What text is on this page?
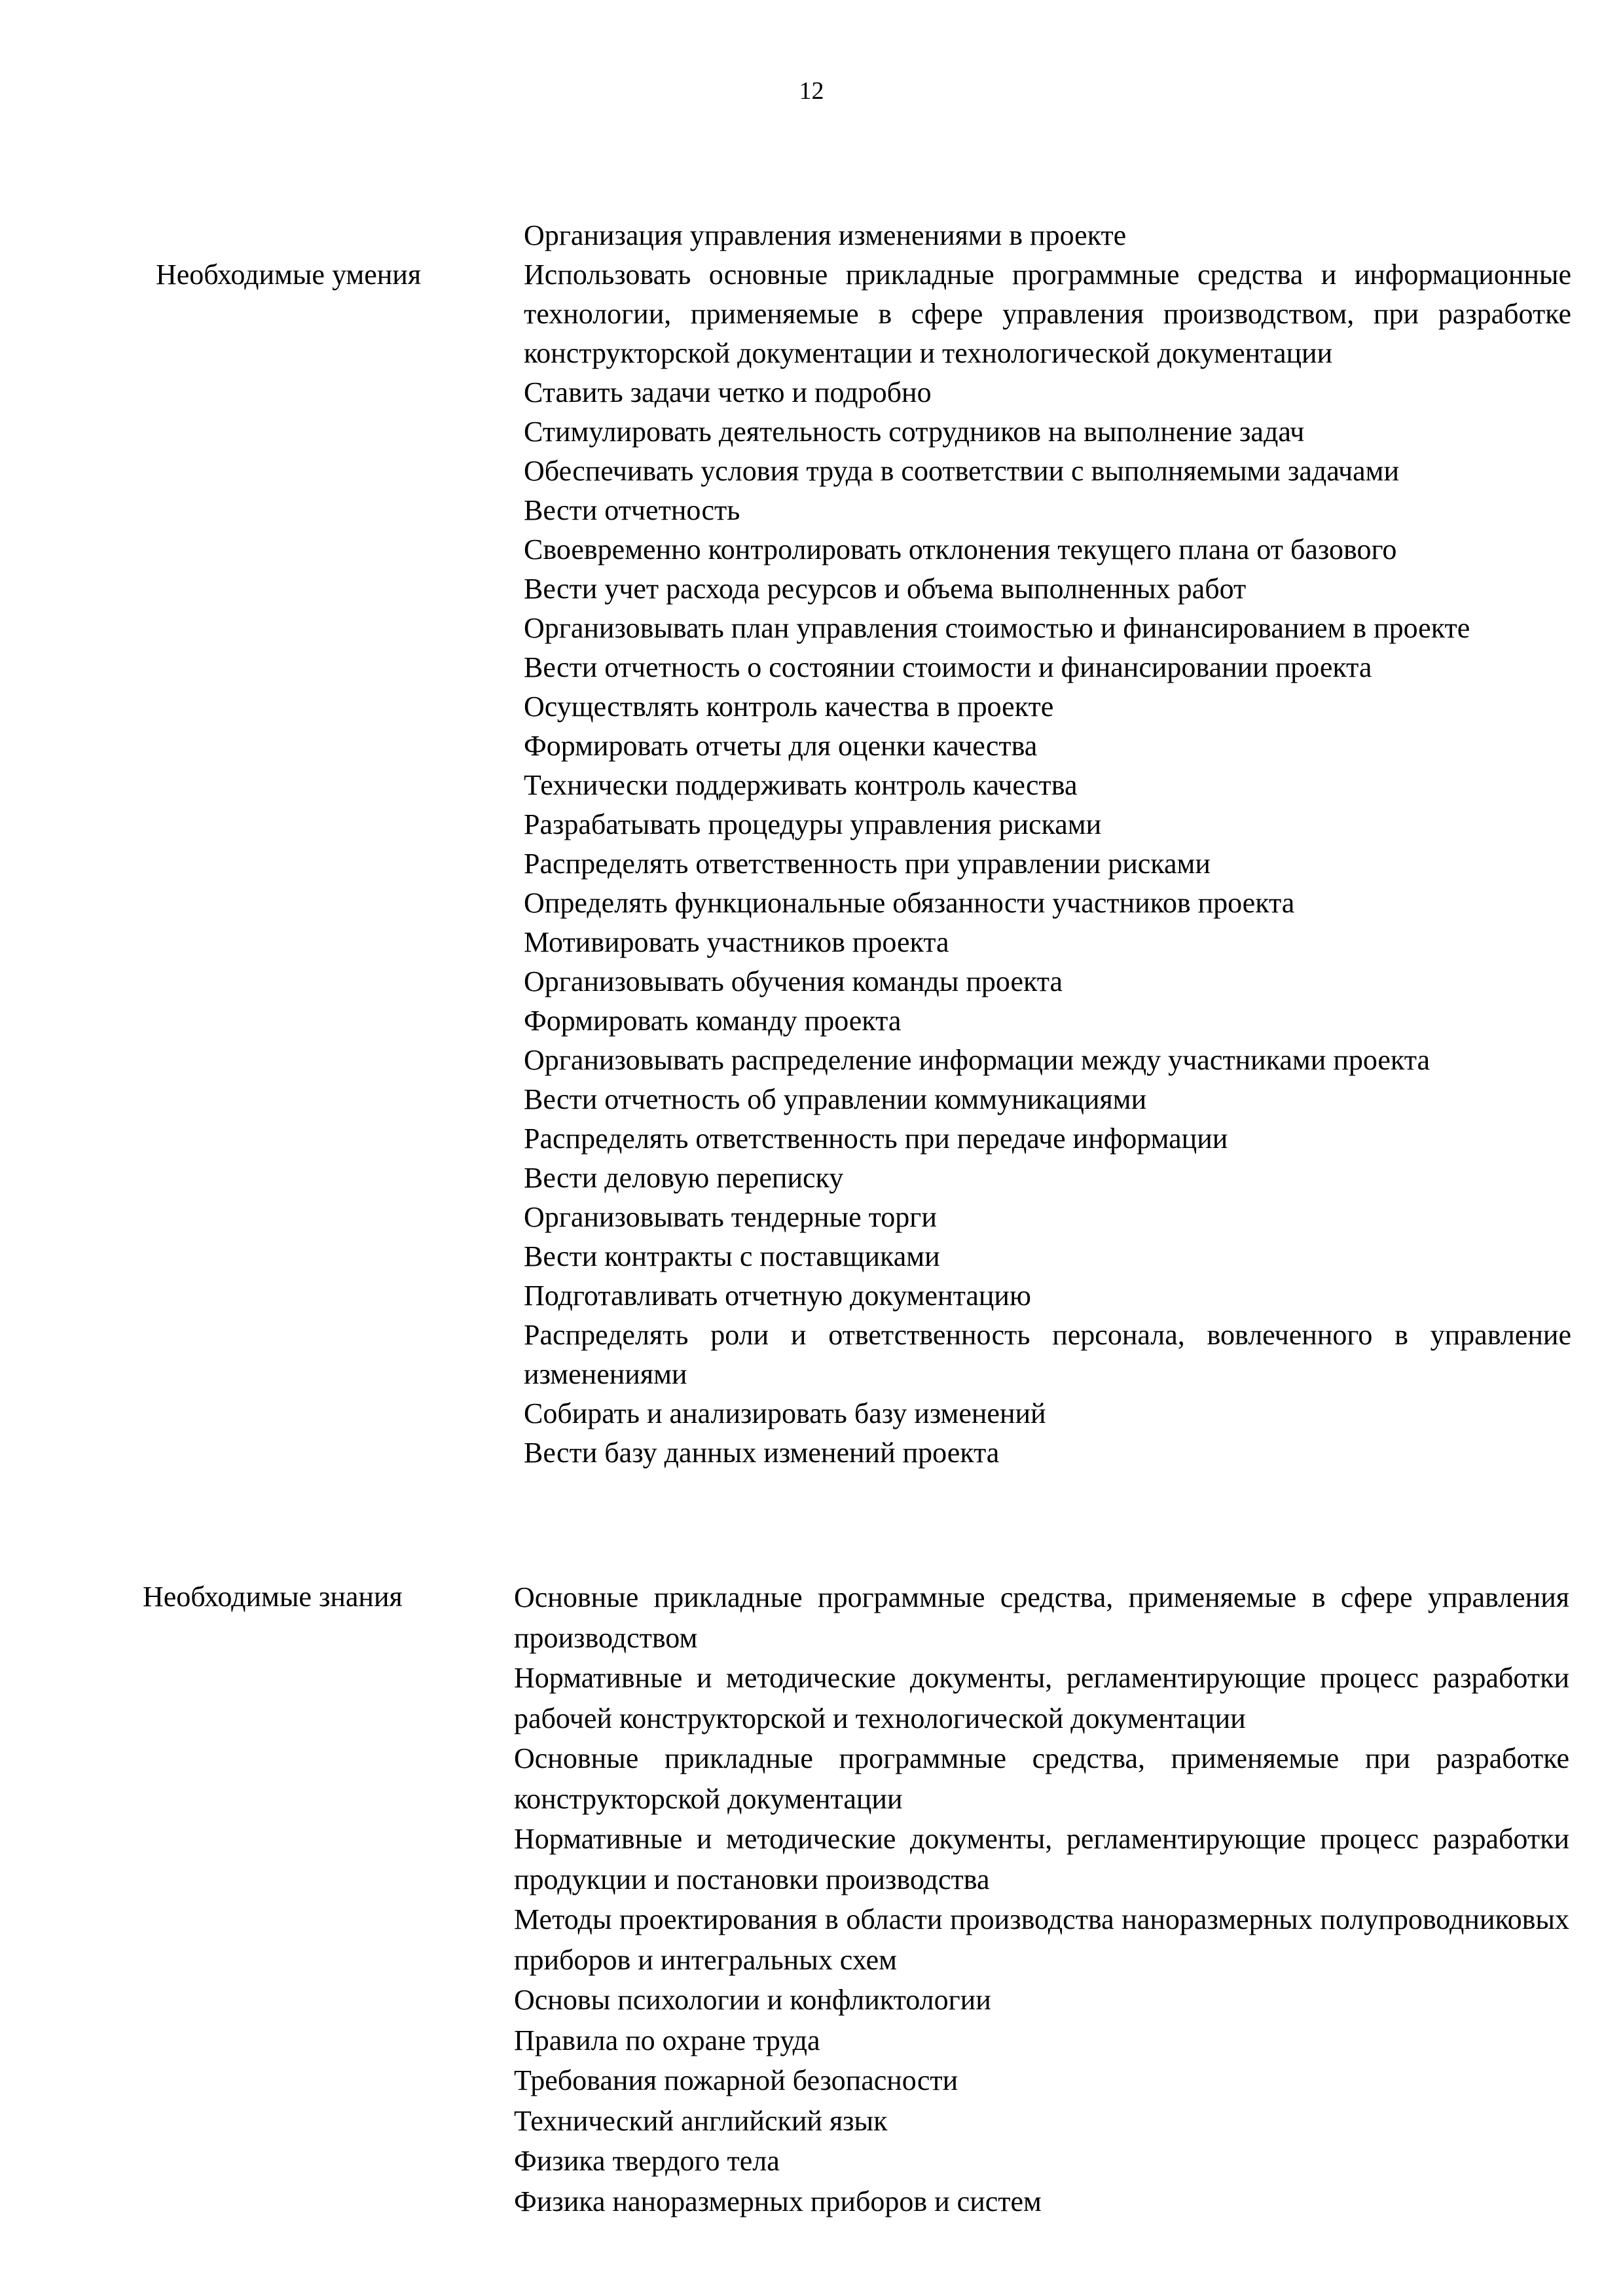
12
Организация управления изменениями в проекте
Необходимые умения	Использовать основные прикладные программные средства и информационные технологии, применяемые в сфере управления производством, при разработке конструкторской документации и технологической документации
Ставить задачи четко и подробно
Стимулировать деятельность сотрудников на выполнение задач
Обеспечивать условия труда в соответствии с выполняемыми задачами
Вести отчетность
Своевременно контролировать отклонения текущего плана от базового
Вести учет расхода ресурсов и объема выполненных работ
Организовывать план управления стоимостью и финансированием в проекте
Вести отчетность о состоянии стоимости и финансировании проекта
Осуществлять контроль качества в проекте
Формировать отчеты для оценки качества
Технически поддерживать контроль качества
Разрабатывать процедуры управления рисками
Распределять ответственность при управлении рисками
Определять функциональные обязанности участников проекта
Мотивировать участников проекта
Организовывать обучения команды проекта
Формировать команду проекта
Организовывать распределение информации между участниками проекта
Вести отчетность об управлении коммуникациями
Распределять ответственность при передаче информации
Вести деловую переписку
Организовывать тендерные торги
Вести контракты с поставщиками
Подготавливать отчетную документацию
Распределять роли и ответственность персонала, вовлеченного в управление изменениями
Собирать и анализировать базу изменений
Вести базу данных изменений проекта
Необходимые знания	Основные прикладные программные средства, применяемые в сфере управления производством
Нормативные и методические документы, регламентирующие процесс разработки рабочей конструкторской и технологической документации
Основные прикладные программные средства, применяемые при разработке конструкторской документации
Нормативные и методические документы, регламентирующие процесс разработки продукции и постановки производства
Методы проектирования в области производства наноразмерных полупроводниковых приборов и интегральных схем
Основы психологии и конфликтологии
Правила по охране труда
Требования пожарной безопасности
Технический английский язык
Физика твердого тела
Физика наноразмерных приборов и систем
